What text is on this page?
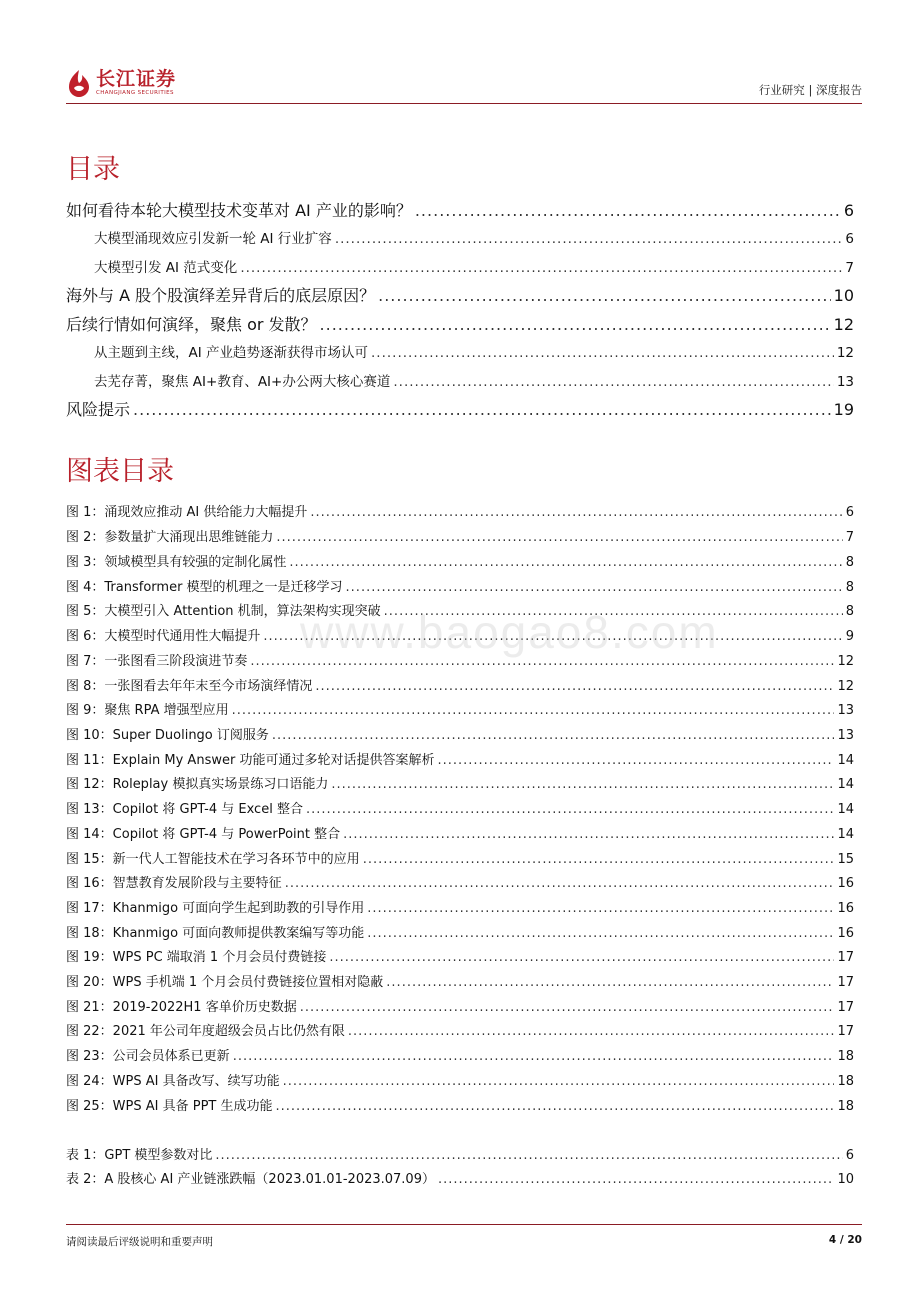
长江证券
CHANGJIANG SECURITIES	行业研究 | 深度报告
目录
如何看待本轮大模型技术变革对 AI 产业的影响？ .....	6
大模型涌现效应引发新一轮 AI 行业扩容 .....	6
大模型引发 AI 范式变化 .....	7
海外与 A 股个股演绎差异背后的底层原因？ .....	10
后续行情如何演绎，聚焦 or 发散？ .....	12
从主题到主线，AI 产业趋势逐渐获得市场认可 .....	12
去芜存菁，聚焦 AI+教育、AI+办公两大核心赛道 .....	13
风险提示 .....	19
图表目录
图 1：涌现效应推动 AI 供给能力大幅提升 .....	6
图 2：参数量扩大涌现出思维链能力 .....	7
图 3：领域模型具有较强的定制化属性 .....	8
图 4：Transformer 模型的机理之一是迁移学习 .....	8
图 5：大模型引入 Attention 机制，算法架构实现突破 .....	8
图 6：大模型时代通用性大幅提升 .....	9
图 7：一张图看三阶段演进节奏 .....	12
图 8：一张图看去年年末至今市场演绎情况 .....	12
图 9：聚焦 RPA 增强型应用 .....	13
图 10：Super Duolingo 订阅服务 .....	13
图 11：Explain My Answer 功能可通过多轮对话提供答案解析 .....	14
图 12：Roleplay 模拟真实场景练习口语能力 .....	14
图 13：Copilot 将 GPT-4 与 Excel 整合 .....	14
图 14：Copilot 将 GPT-4 与 PowerPoint 整合 .....	14
图 15：新一代人工智能技术在学习各环节中的应用 .....	15
图 16：智慧教育发展阶段与主要特征 .....	16
图 17：Khanmigo 可面向学生起到助教的引导作用 .....	16
图 18：Khanmigo 可面向教师提供教案编写等功能 .....	16
图 19：WPS PC 端取消 1 个月会员付费链接 .....	17
图 20：WPS 手机端 1 个月会员付费链接位置相对隐蔽 .....	17
图 21：2019-2022H1 客单价历史数据 .....	17
图 22：2021 年公司年度超级会员占比仍然有限 .....	17
图 23：公司会员体系已更新 .....	18
图 24：WPS AI 具备改写、续写功能 .....	18
图 25：WPS AI 具备 PPT 生成功能 .....	18
表 1：GPT 模型参数对比 .....	6
表 2：A 股核心 AI 产业链涨跌幅（2023.01.01-2023.07.09） .....	10
www.baogao8.com
请阅读最后评级说明和重要声明	4 / 20
